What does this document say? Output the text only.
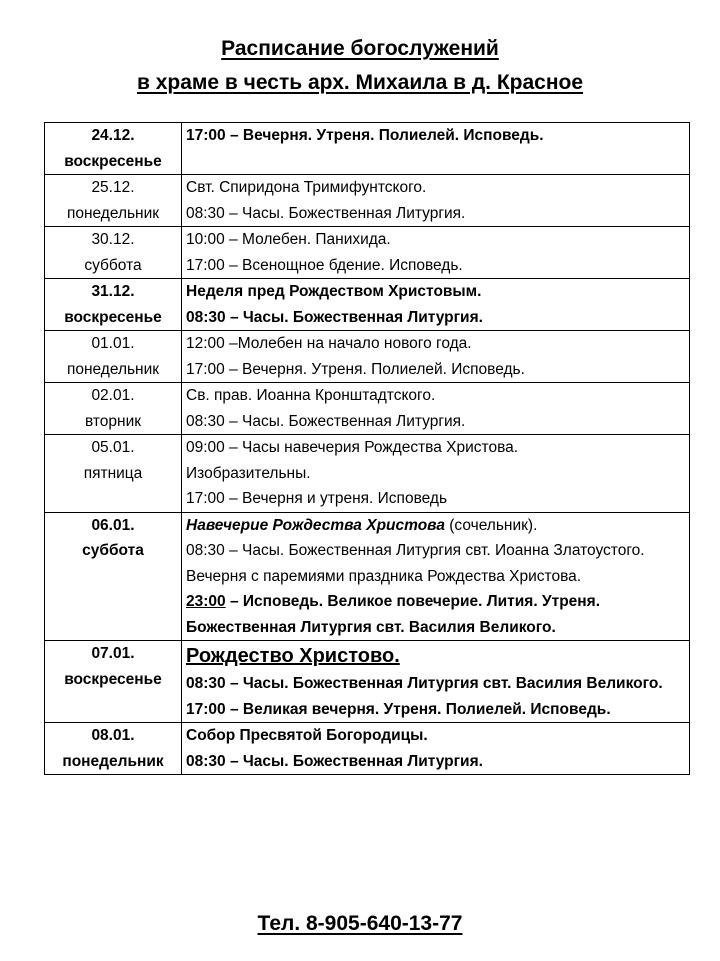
Расписание богослужений
в храме в честь арх. Михаила в д. Красное
24.12.
воскресенье	17:00 – Вечерня. Утреня. Полиелей. Исповедь.

25.12.
понедельник	Свт. Спиридона Тримифунтского.
08:30 – Часы. Божественная Литургия.

30.12.
суббота	10:00 – Молебен. Панихида.
17:00 – Всенощное бдение. Исповедь.

31.12.
воскресенье	Неделя пред Рождеством Христовым.
08:30 – Часы. Божественная Литургия.

01.01.
понедельник	12:00 –Молебен на начало нового года.
17:00 – Вечерня. Утреня. Полиелей. Исповедь.

02.01.
вторник	Св. прав. Иоанна Кронштадтского.
08:30 – Часы. Божественная Литургия.

05.01.
пятница	09:00 – Часы навечерия Рождества Христова.
Изобразительны.
17:00 – Вечерня и утреня. Исповедь

06.01.
суббота	Навечерие Рождества Христова (сочельник).
08:30 – Часы. Божественная Литургия свт. Иоанна Златоустого. Вечерня с паремиями праздника Рождества Христова.
23:00 – Исповедь. Великое повечерие. Лития. Утреня. Божественная Литургия свт. Василия Великого.

07.01.
воскресенье	Рождество Христово.
08:30 – Часы. Божественная Литургия свт. Василия Великого.
17:00 – Великая вечерня. Утреня. Полиелей. Исповедь.

08.01.
понедельник	Собор Пресвятой Богородицы.
08:30 – Часы. Божественная Литургия.
Тел. 8-905-640-13-77
